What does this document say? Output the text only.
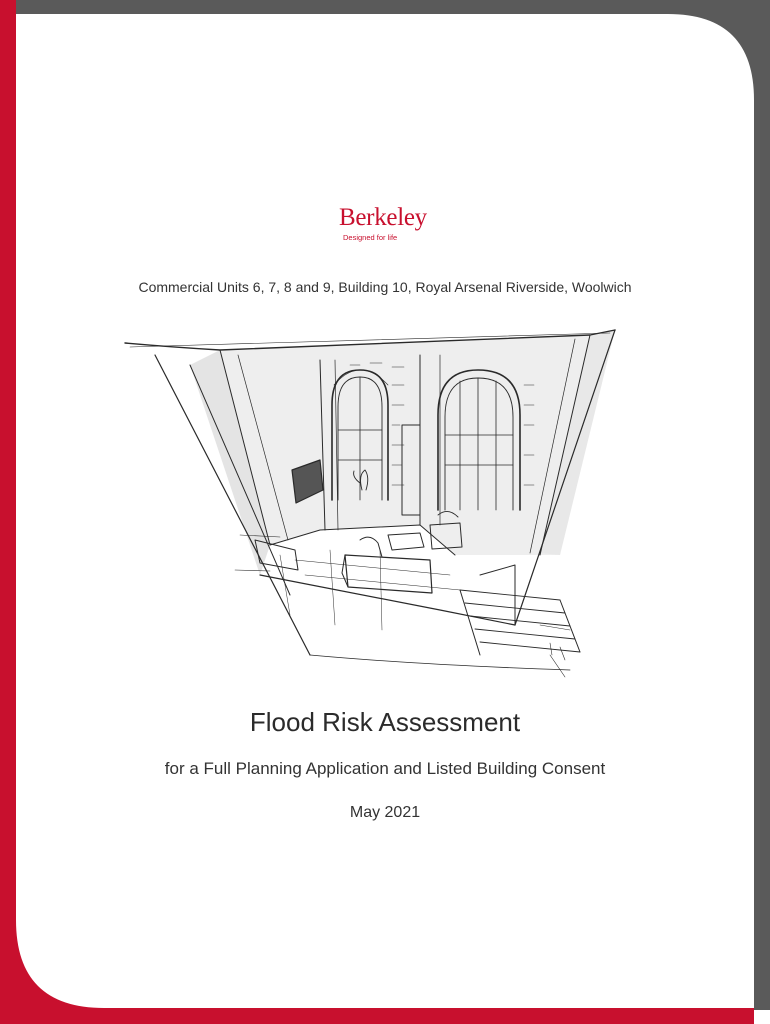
Berkeley
Designed for life
Commercial Units 6, 7, 8 and 9, Building 10, Royal Arsenal Riverside, Woolwich
Flood Risk Assessment
for a Full Planning Application and Listed Building Consent
May 2021
